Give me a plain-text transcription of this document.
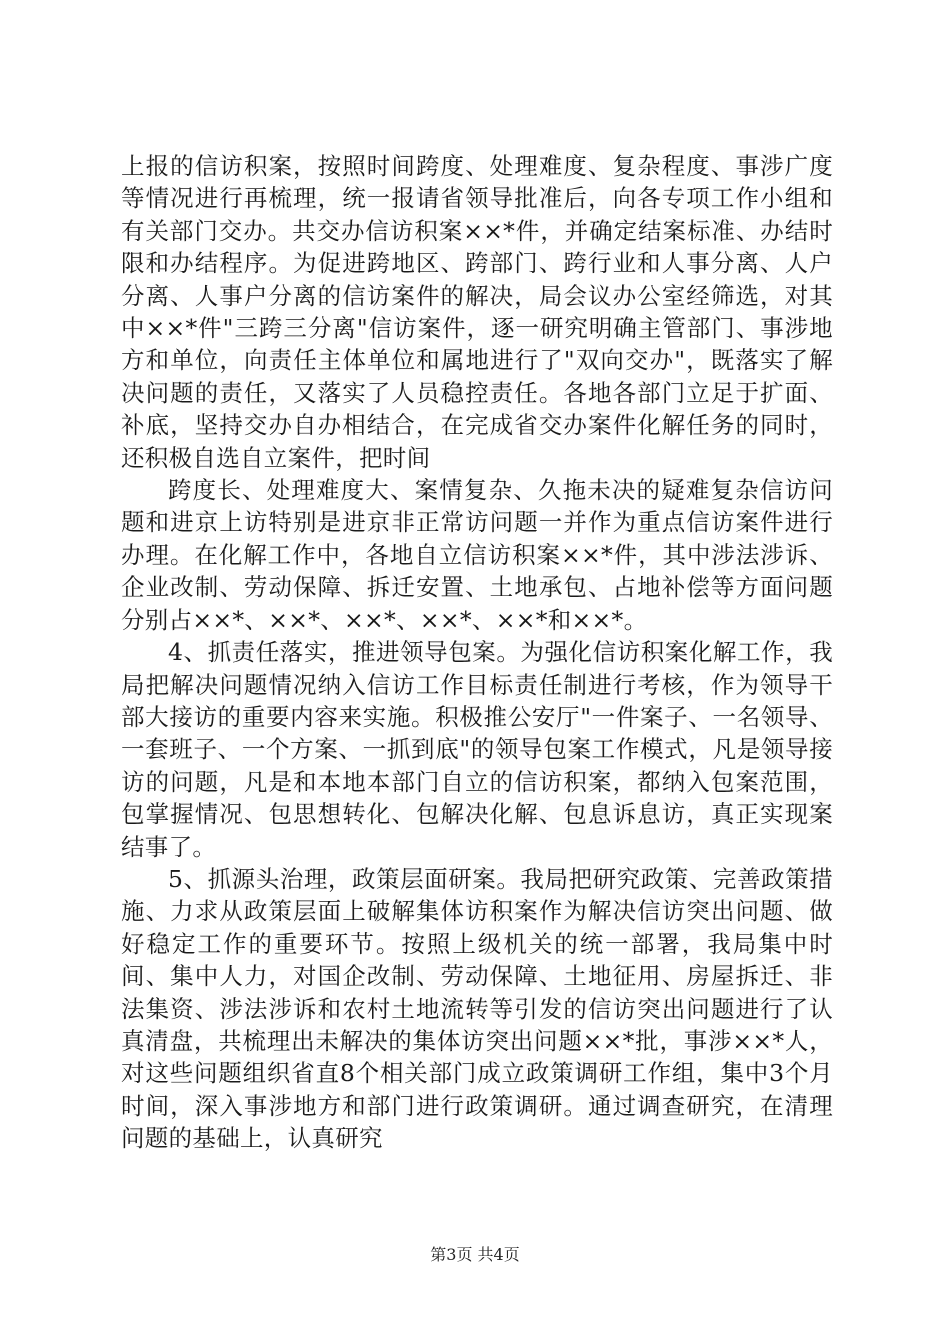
上报的信访积案，按照时间跨度、处理难度、复杂程度、事涉广度等情况进行再梳理，统一报请省领导批准后，向各专项工作小组和有关部门交办。共交办信访积案××*件，并确定结案标准、办结时限和办结程序。为促进跨地区、跨部门、跨行业和人事分离、人户分离、人事户分离的信访案件的解决，局会议办公室经筛选，对其中××*件"三跨三分离"信访案件，逐一研究明确主管部门、事涉地方和单位，向责任主体单位和属地进行了"双向交办"，既落实了解决问题的责任，又落实了人员稳控责任。各地各部门立足于扩面、补底，坚持交办自办相结合，在完成省交办案件化解任务的同时，还积极自选自立案件，把时间

跨度长、处理难度大、案情复杂、久拖未决的疑难复杂信访问题和进京上访特别是进京非正常访问题一并作为重点信访案件进行办理。在化解工作中，各地自立信访积案××*件，其中涉法涉诉、企业改制、劳动保障、拆迁安置、土地承包、占地补偿等方面问题分别占××*、××*、××*、××*、××*和××*。

4、抓责任落实，推进领导包案。为强化信访积案化解工作，我局把解决问题情况纳入信访工作目标责任制进行考核，作为领导干部大接访的重要内容来实施。积极推公安厅"一件案子、一名领导、一套班子、一个方案、一抓到底"的领导包案工作模式，凡是领导接访的问题，凡是和本地本部门自立的信访积案，都纳入包案范围，包掌握情况、包思想转化、包解决化解、包息诉息访，真正实现案结事了。

5、抓源头治理，政策层面研案。我局把研究政策、完善政策措施、力求从政策层面上破解集体访积案作为解决信访突出问题、做好稳定工作的重要环节。按照上级机关的统一部署，我局集中时间、集中人力，对国企改制、劳动保障、土地征用、房屋拆迁、非法集资、涉法涉诉和农村土地流转等引发的信访突出问题进行了认真清盘，共梳理出未解决的集体访突出问题××*批，事涉××*人，对这些问题组织省直8个相关部门成立政策调研工作组，集中3个月时间，深入事涉地方和部门进行政策调研。通过调查研究，在清理问题的基础上，认真研究

第3页 共4页
